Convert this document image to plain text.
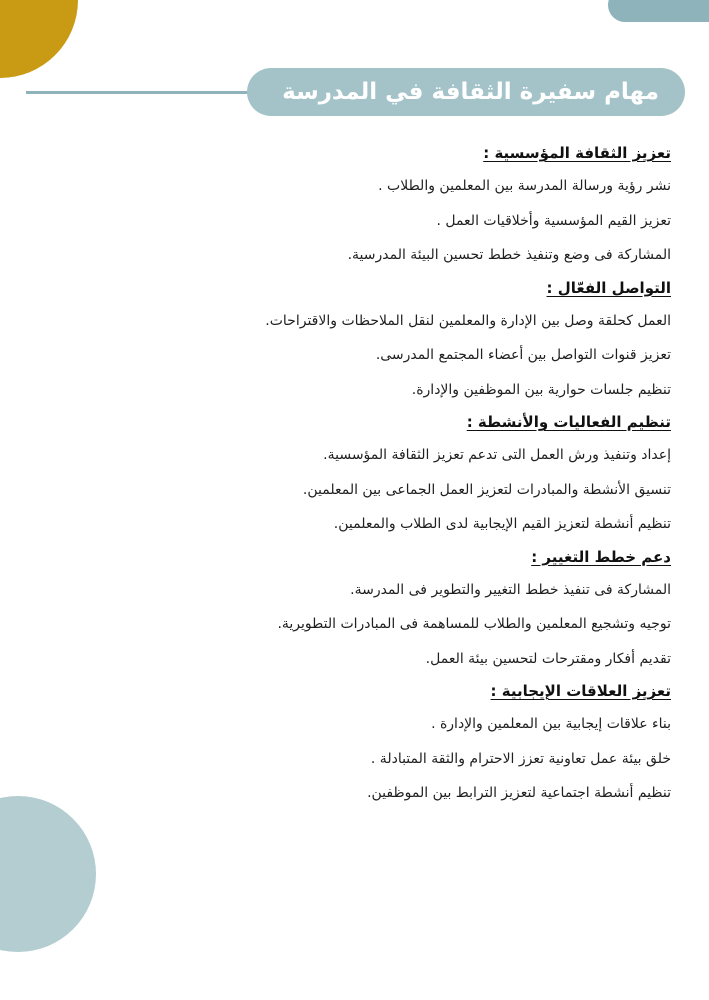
مهام سفيرة الثقافة في المدرسة
تعزيز الثقافة المؤسسية :
نشر رؤية ورسالة المدرسة بين المعلمين والطلاب .
تعزيز القيم المؤسسية وأخلاقيات العمل .
المشاركة فى وضع وتنفيذ خطط تحسين البيئة المدرسية.
التواصل الفعّال :
العمل كحلقة وصل بين الإدارة والمعلمين لنقل الملاحظات والاقتراحات.
تعزيز قنوات التواصل بين أعضاء المجتمع المدرسى.
تنظيم جلسات حوارية بين الموظفين والإدارة.
تنظيم الفعاليات والأنشطة :
إعداد وتنفيذ ورش العمل التى تدعم تعزيز الثقافة المؤسسية.
تنسيق الأنشطة والمبادرات لتعزيز العمل الجماعى بين المعلمين.
تنظيم أنشطة لتعزيز القيم الإيجابية لدى الطلاب والمعلمين.
دعم خطط التغيير :
المشاركة فى تنفيذ خطط التغيير والتطوير فى المدرسة.
توجيه وتشجيع المعلمين والطلاب للمساهمة فى المبادرات التطويرية.
تقديم أفكار ومقترحات لتحسين بيئة العمل.
تعزيز العلاقات الإيجابية :
بناء علاقات إيجابية بين المعلمين والإدارة .
خلق بيئة عمل تعاونية تعزز الاحترام والثقة المتبادلة .
تنظيم أنشطة اجتماعية لتعزيز الترابط بين الموظفين.
